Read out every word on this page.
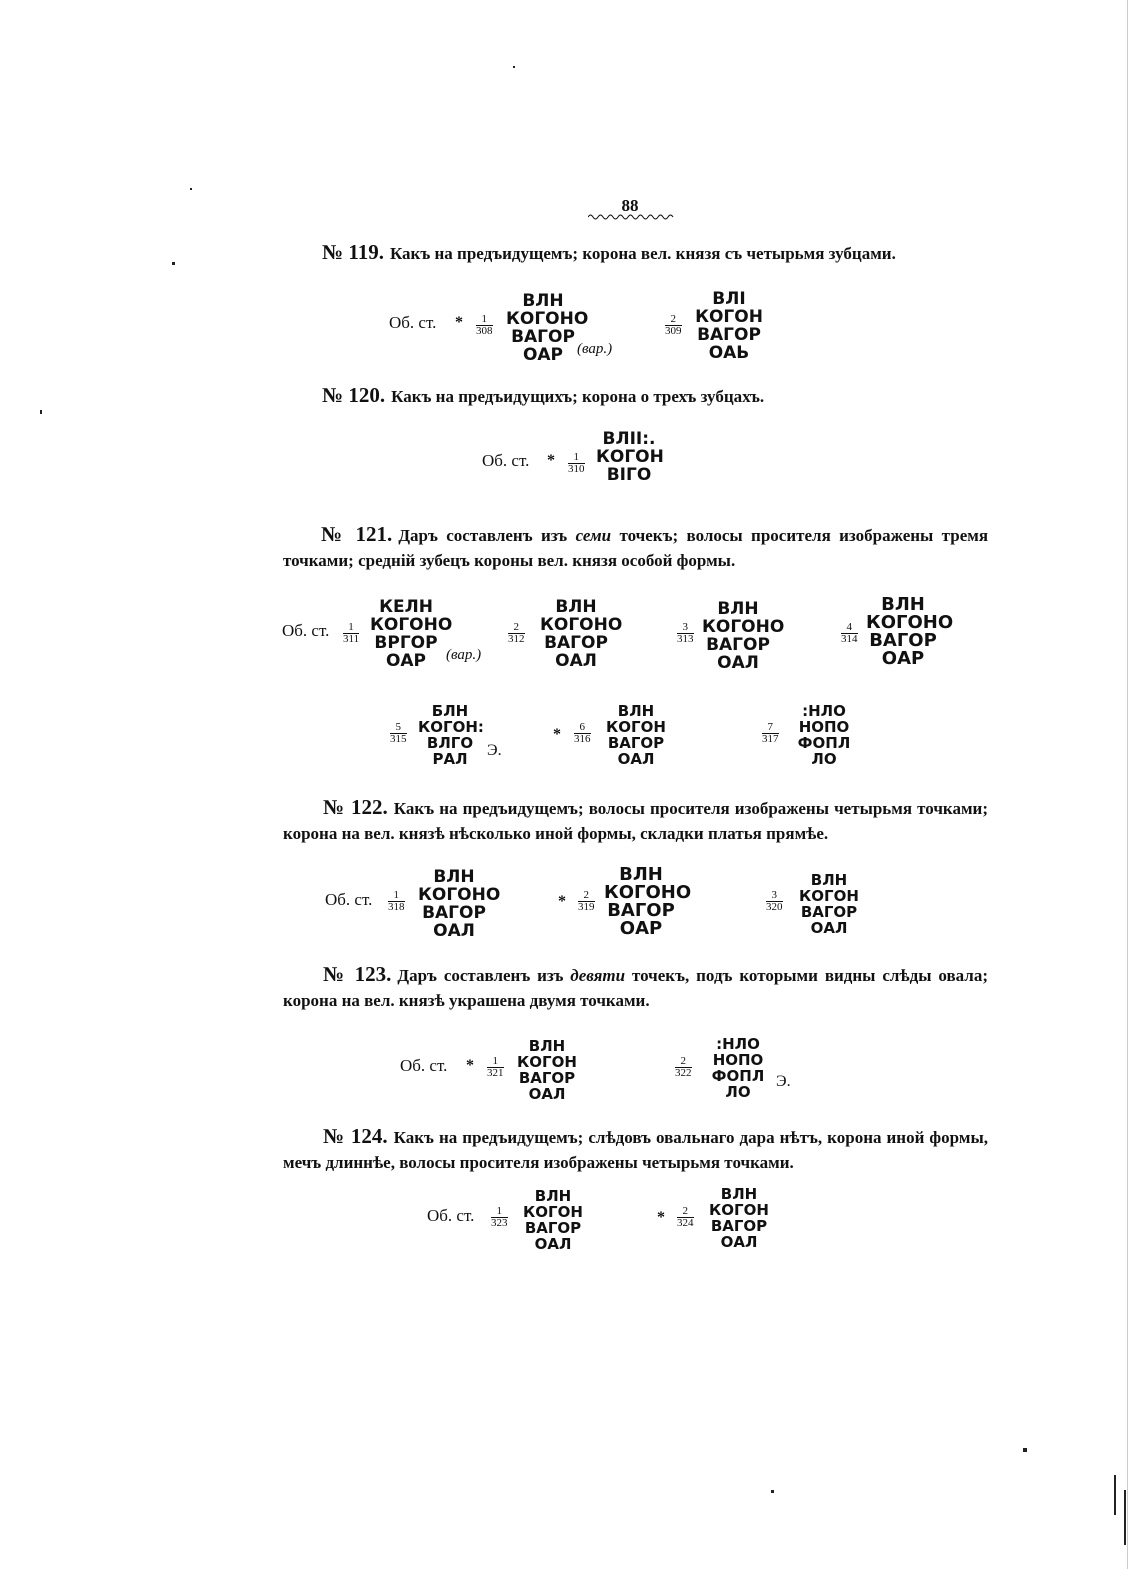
88
№ 119. Какъ на предъидущемъ; корона вел. князя съ четырьмя зубцами.
Об. ст. * $\frac{1}{308}$
ВЛН
КОГОНО
ВАГОР
ОАР (вар.)
$\frac{2}{309}$
ВЛІ
КОГОН
ВАГОР
ОАЬ
№ 120. Какъ на предъидущихъ; корона о трехъ зубцахъ.
Об. ст. * $\frac{1}{310}$
ВЛІІ:.
КОГОН
ВІГО
№ 121. Даръ составленъ изъ семи точекъ; волосы просителя изображены тремя точками; средній зубецъ короны вел. князя особой формы.
Об. ст. $\frac{1}{311}$
КЕЛН
КОГОНО
ВРГОР
ОАР	(вар.)
$\frac{2}{312}$
ВЛН
КОГОНО
ВАГОР
ОАЛ
$\frac{3}{313}$
ВЛН
КОГОНО
ВАГОР
ОАЛ
$\frac{4}{314}$
ВЛН
КОГОНО
ВАГОР
ОАР
$\frac{5}{315}$
БЛН
КОГОН:
ВЛГО
РАЛ	Э.
* $\frac{6}{316}$
ВЛН
КОГОН
ВАГОР
ОАЛ
$\frac{7}{317}$
:НЛО
НОПО
ФОПЛ
ЛО
№ 122. Какъ на предъидущемъ; волосы просителя изображены четырьмя точками; корона на вел. князѣ нѣсколько иной формы, складки платья прямѣе.
Об. ст. $\frac{1}{318}$
ВЛН
КОГОНО
ВАГОР
ОАЛ
* $\frac{2}{319}$
ВЛН
КОГОНО
ВАГОР
ОАР
$\frac{3}{320}$
ВЛН
КОГОН
ВАГОР
ОАЛ
№ 123. Даръ составленъ изъ девяти точекъ, подъ которыми видны слѣды овала; корона на вел. князѣ украшена двумя точками.
Об. ст. * $\frac{1}{321}$
ВЛН
КОГОН
ВАГОР
ОАЛ
$\frac{2}{322}$
:НЛО
НОПО
ФОПЛ
ЛО
Э.
№ 124. Какъ на предъидущемъ; слѣдовъ овальнаго дара нѣтъ, корона иной формы, мечъ длиннѣе, волосы просителя изображены четырьмя точками.
Об. ст. $\frac{1}{323}$
ВЛН
КОГОН
ВАГОР
ОАЛ
* $\frac{2}{324}$
ВЛН
КОГОН
ВАГОР
ОАЛ
